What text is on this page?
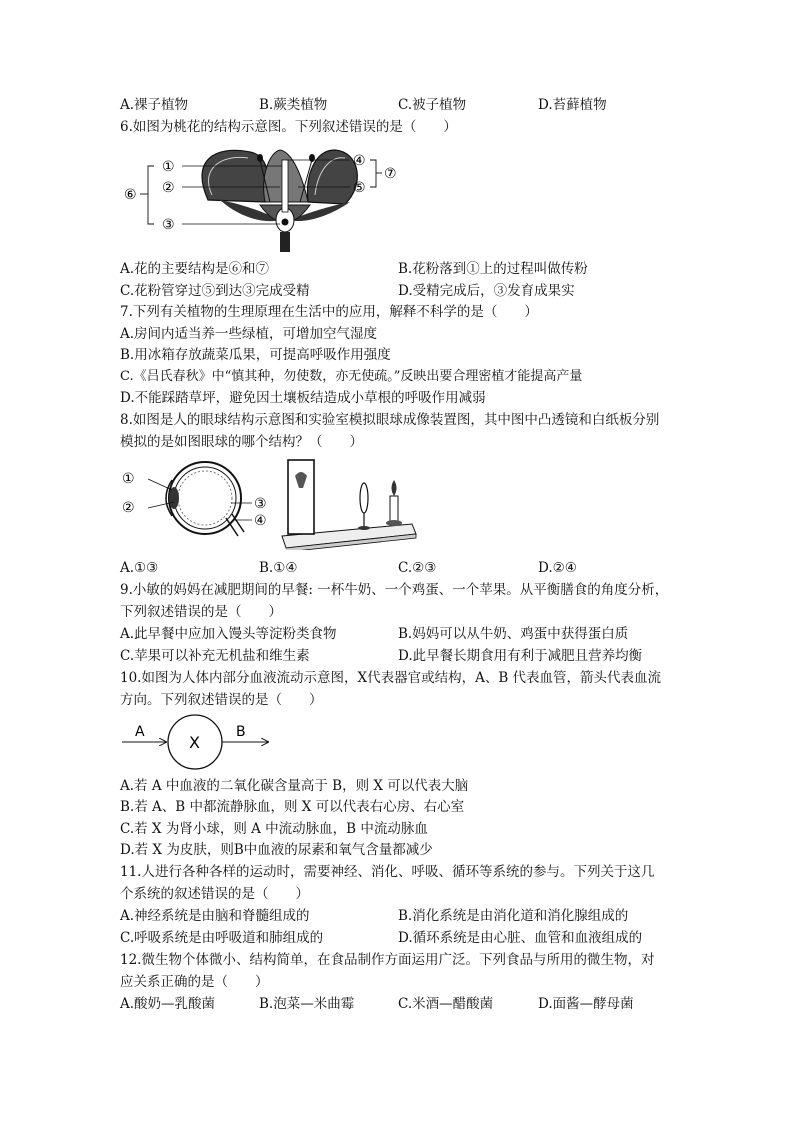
A.裸子植物	B.蕨类植物	C.被子植物	D.苔藓植物
6.如图为桃花的结构示意图。下列叙述错误的是（　　）
①
②
③
④
⑤
⑥
⑦
A.花的主要结构是⑥和⑦	B.花粉落到①上的过程叫做传粉
C.花粉管穿过⑤到达③完成受精	D.受精完成后，③发育成果实
7.下列有关植物的生理原理在生活中的应用，解释不科学的是（　　）
A.房间内适当养一些绿植，可增加空气湿度
B.用冰箱存放蔬菜瓜果，可提高呼吸作用强度
C.《吕氏春秋》中“慎其种，勿使数，亦无使疏。”反映出要合理密植才能提高产量
D.不能踩踏草坪，避免因土壤板结造成小草根的呼吸作用减弱
8.如图是人的眼球结构示意图和实验室模拟眼球成像装置图，其中图中凸透镜和白纸板分别
模拟的是如图眼球的哪个结构？（　　）
①
②	③
④
A.①③	B.①④	C.②③	D.②④
9.小敏的妈妈在减肥期间的早餐: 一杯牛奶、一个鸡蛋、一个苹果。从平衡膳食的角度分析，
下列叙述错误的是（　　）
A.此早餐中应加入馒头等淀粉类食物	B.妈妈可以从牛奶、鸡蛋中获得蛋白质
C.苹果可以补充无机盐和维生素	D.此早餐长期食用有利于减肥且营养均衡
10.如图为人体内部分血液流动示意图，X代表器官或结构，A、B 代表血管，箭头代表血流
方向。下列叙述错误的是（　　）
A
X
B
A.若 A 中血液的二氧化碳含量高于 B，则 X 可以代表大脑
B.若 A、B 中都流静脉血，则 X 可以代表右心房、右心室
C.若 X 为肾小球，则 A 中流动脉血，B 中流动脉血
D.若 X 为皮肤，则B中血液的尿素和氧气含量都减少
11.人进行各种各样的运动时，需要神经、消化、呼吸、循环等系统的参与。下列关于这几
个系统的叙述错误的是（　　）
A.神经系统是由脑和脊髓组成的	B.消化系统是由消化道和消化腺组成的
C.呼吸系统是由呼吸道和肺组成的	D.循环系统是由心脏、血管和血液组成的
12.微生物个体微小、结构简单，在食品制作方面运用广泛。下列食品与所用的微生物，对
应关系正确的是（　　）
A.酸奶—乳酸菌	B.泡菜—米曲霉	C.米酒—醋酸菌	D.面酱—酵母菌
